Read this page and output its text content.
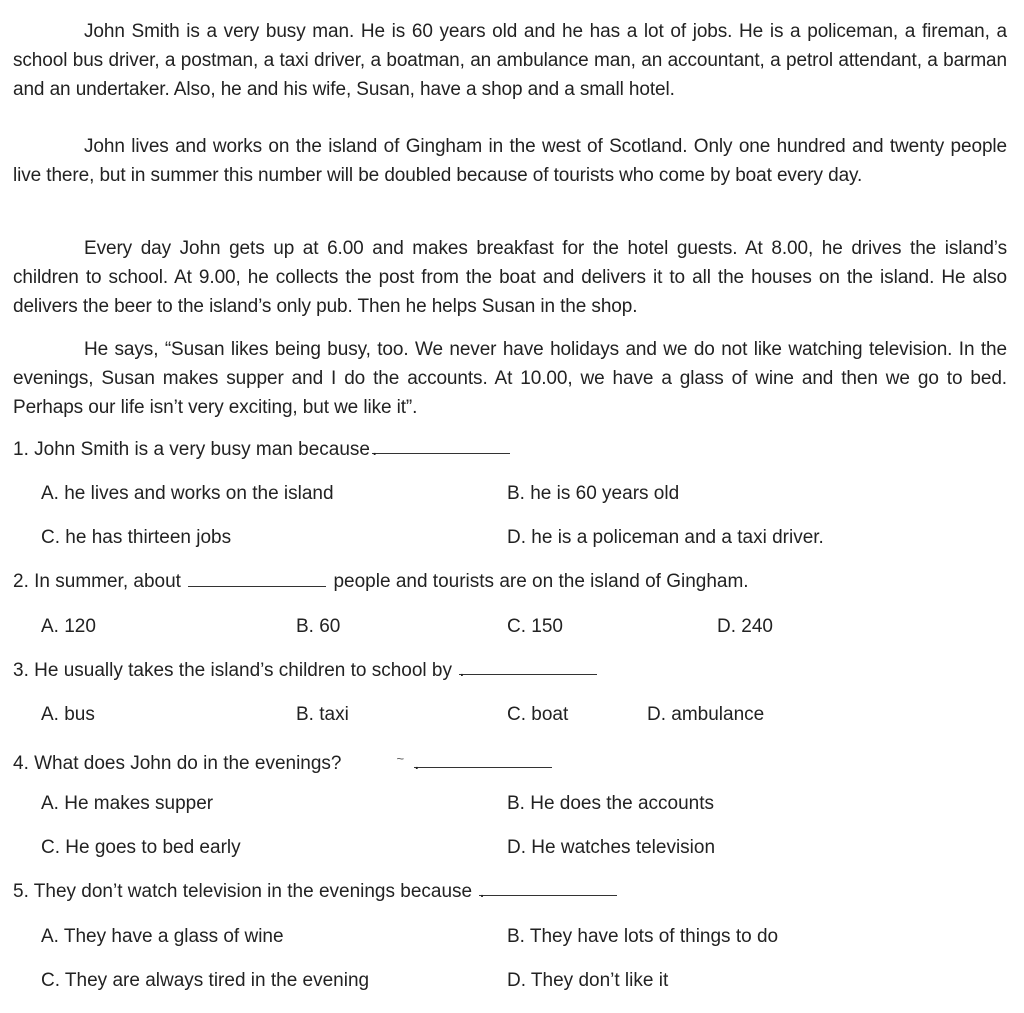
John Smith is a very busy man. He is 60 years old and he has a lot of jobs. He is a policeman, a fireman, a school bus driver, a postman, a taxi driver, a boatman, an ambulance man, an accountant, a petrol attendant, a barman and an undertaker. Also, he and his wife, Susan, have a shop and a small hotel.

John lives and works on the island of Gingham in the west of Scotland. Only one hundred and twenty people live there, but in summer this number will be doubled because of tourists who come by boat every day.

Every day John gets up at 6.00 and makes breakfast for the hotel guests. At 8.00, he drives the island’s children to school. At 9.00, he collects the post from the boat and delivers it to all the houses on the island. He also delivers the beer to the island’s only pub. Then he helps Susan in the shop.

He says, “Susan likes being busy, too. We never have holidays and we do not like watching television. In the evenings, Susan makes supper and I do the accounts. At 10.00, we have a glass of wine and then we go to bed. Perhaps our life isn’t very exciting, but we like it”.

1. John Smith is a very busy man because.
A. he lives and works on the island	B. he is 60 years old
C. he has thirteen jobs	D. he is a policeman and a taxi driver.
2. In summer, about	people and tourists are on the island of Gingham.
A. 120	B. 60	C. 150	D. 240
3. He usually takes the island’s children to school by .
A. bus	B. taxi	C. boat	D. ambulance
4. What does John do in the evenings?	~.
A. He makes supper	B. He does the accounts
C. He goes to bed early	D. He watches television
5. They don’t watch television in the evenings because .
A. They have a glass of wine	B. They have lots of things to do
C. They are always tired in the evening	D. They don’t like it
